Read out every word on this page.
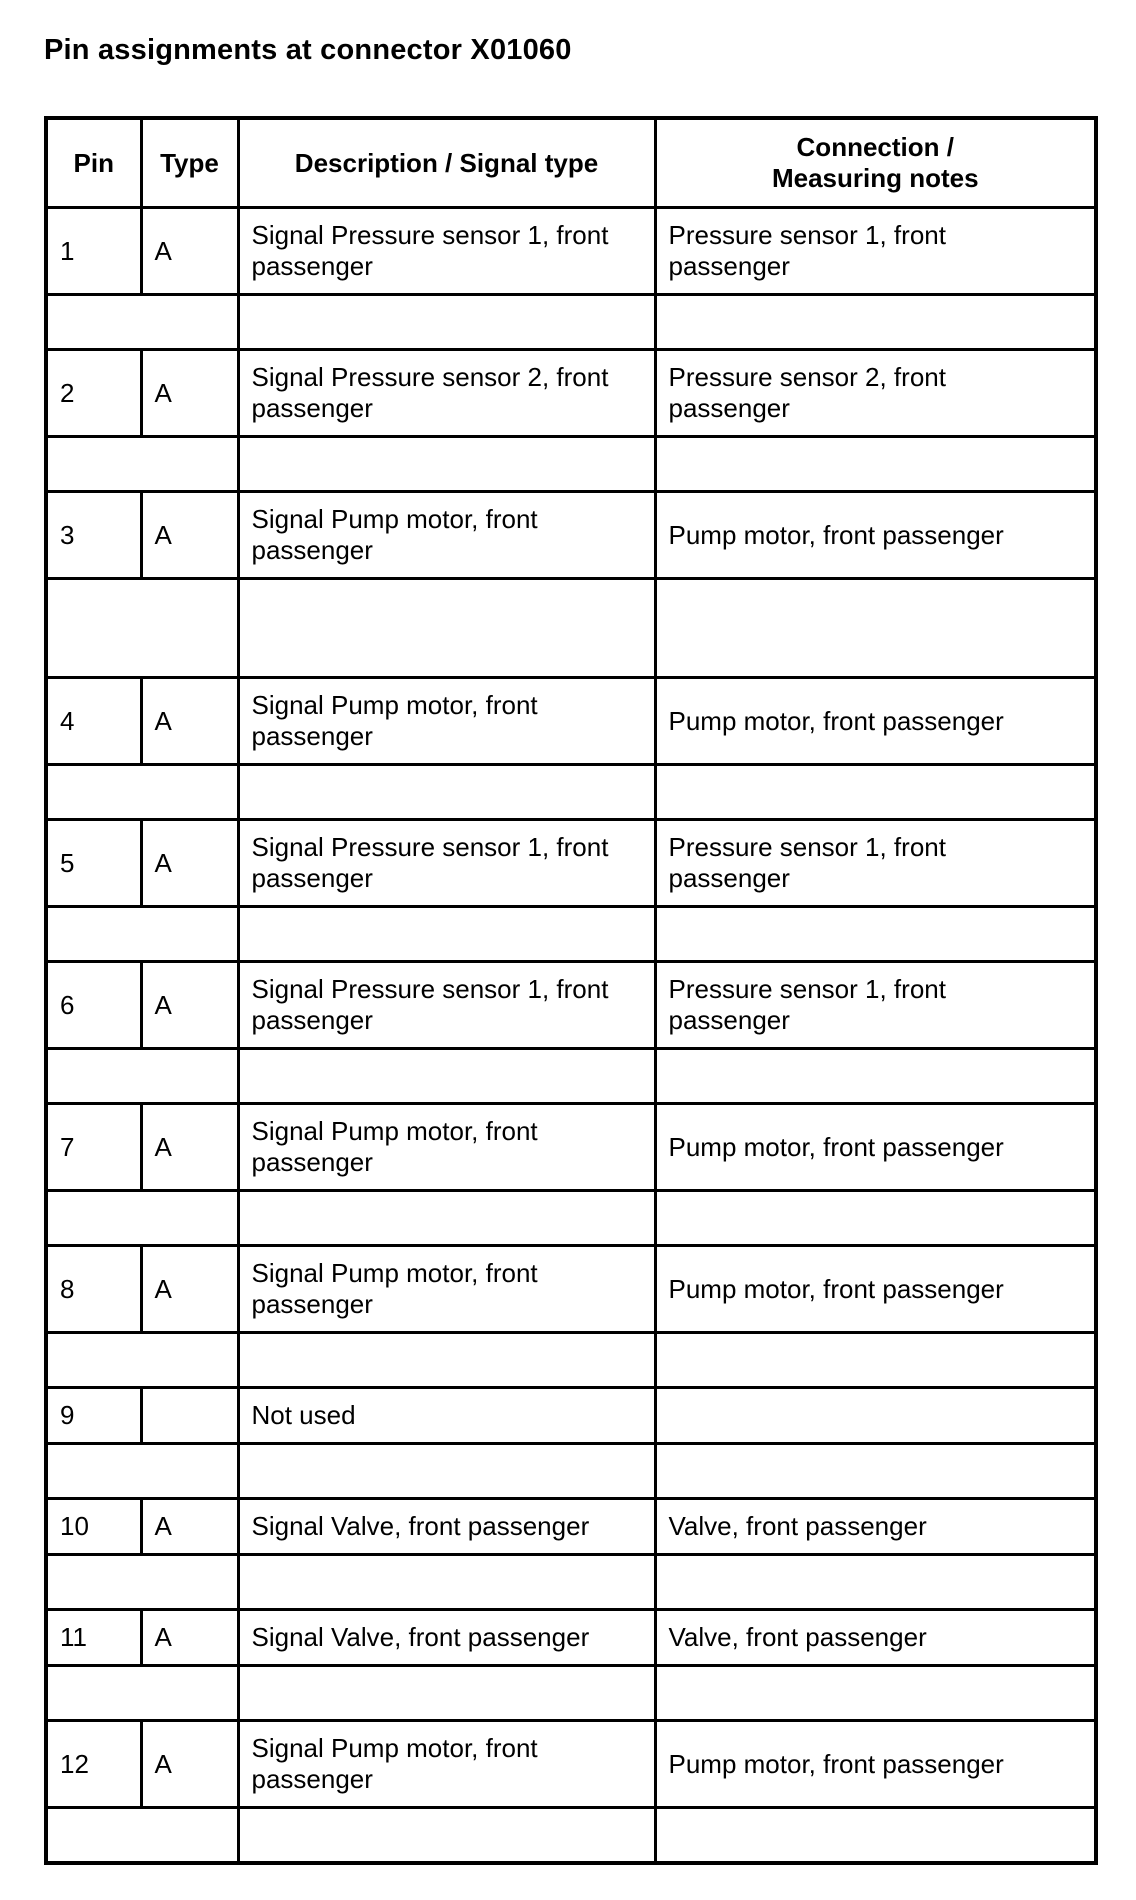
Pin assignments at connector X01060
Pin	Type	Description / Signal type	Connection /
Measuring notes
1	A	Signal Pressure sensor 1, front
passenger	Pressure sensor 1, front
passenger

2	A	Signal Pressure sensor 2, front
passenger	Pressure sensor 2, front
passenger

3	A	Signal Pump motor, front
passenger	Pump motor, front passenger

4	A	Signal Pump motor, front
passenger	Pump motor, front passenger

5	A	Signal Pressure sensor 1, front
passenger	Pressure sensor 1, front
passenger

6	A	Signal Pressure sensor 1, front
passenger	Pressure sensor 1, front
passenger

7	A	Signal Pump motor, front
passenger	Pump motor, front passenger

8	A	Signal Pump motor, front
passenger	Pump motor, front passenger

9		Not used	

10	A	Signal Valve, front passenger	Valve, front passenger

11	A	Signal Valve, front passenger	Valve, front passenger

12	A	Signal Pump motor, front
passenger	Pump motor, front passenger
